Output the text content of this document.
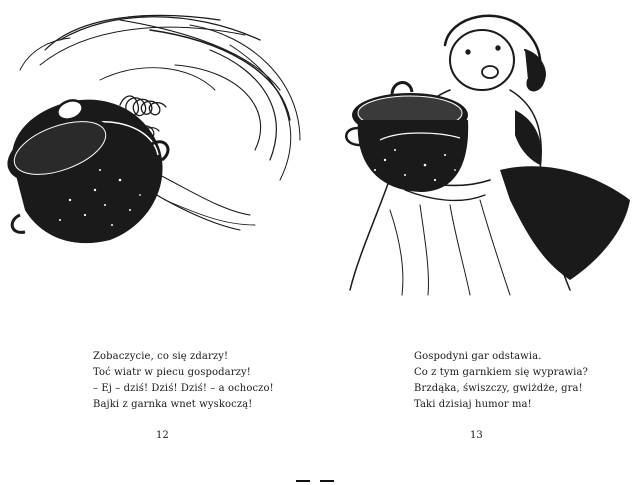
Zobaczycie, co się zdarzy!
Toć wiatr w piecu gospodarzy!
– Ej – dziś! Dziś! Dziś! – a ochoczo!
Bajki z garnka wnet wyskoczą!
12
Gospodyni gar odstawia.
Co z tym garnkiem się wyprawia?
Brzdąka, świszczy, gwiżdże, gra!
Taki dzisiaj humor ma!
13
